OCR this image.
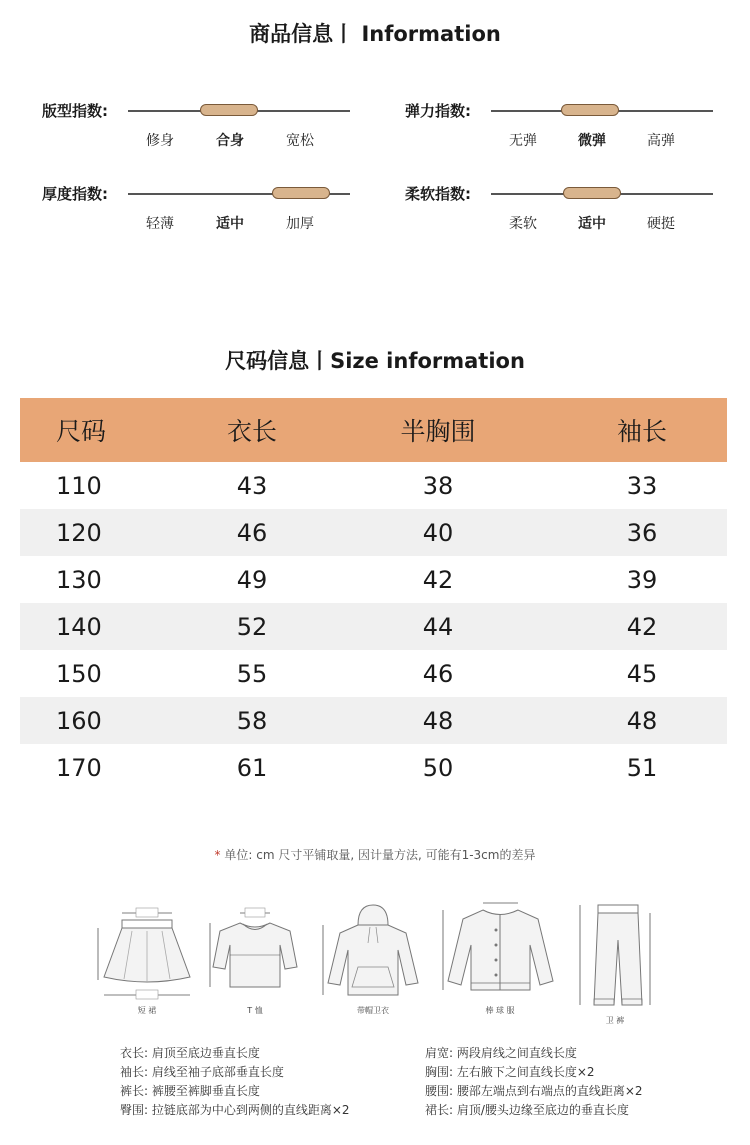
商品信息丨 Information
版型指数:
修身	合身	宽松
弹力指数:
无弹	微弹	高弹
厚度指数:
轻薄	适中	加厚
柔软指数:
柔软	适中	硬挺
尺码信息丨Size information
尺码	衣长	半胸围	袖长
110	43	38	33
120	46	40	36
130	49	42	39
140	52	44	42
150	55	46	45
160	58	48	48
170	61	50	51
* 单位: cm 尺寸平铺取量, 因计量方法, 可能有1-3cm的差异
短 裙	T 恤	带帽卫衣	棒 球 服
卫 裤
衣长: 肩顶至底边垂直长度
袖长: 肩线至袖子底部垂直长度
裤长: 裤腰至裤脚垂直长度
臀围: 拉链底部为中心到两侧的直线距离×2
肩宽: 两段肩线之间直线长度
胸围: 左右腋下之间直线长度×2
腰围: 腰部左端点到右端点的直线距离×2
裙长: 肩顶/腰头边缘至底边的垂直长度
